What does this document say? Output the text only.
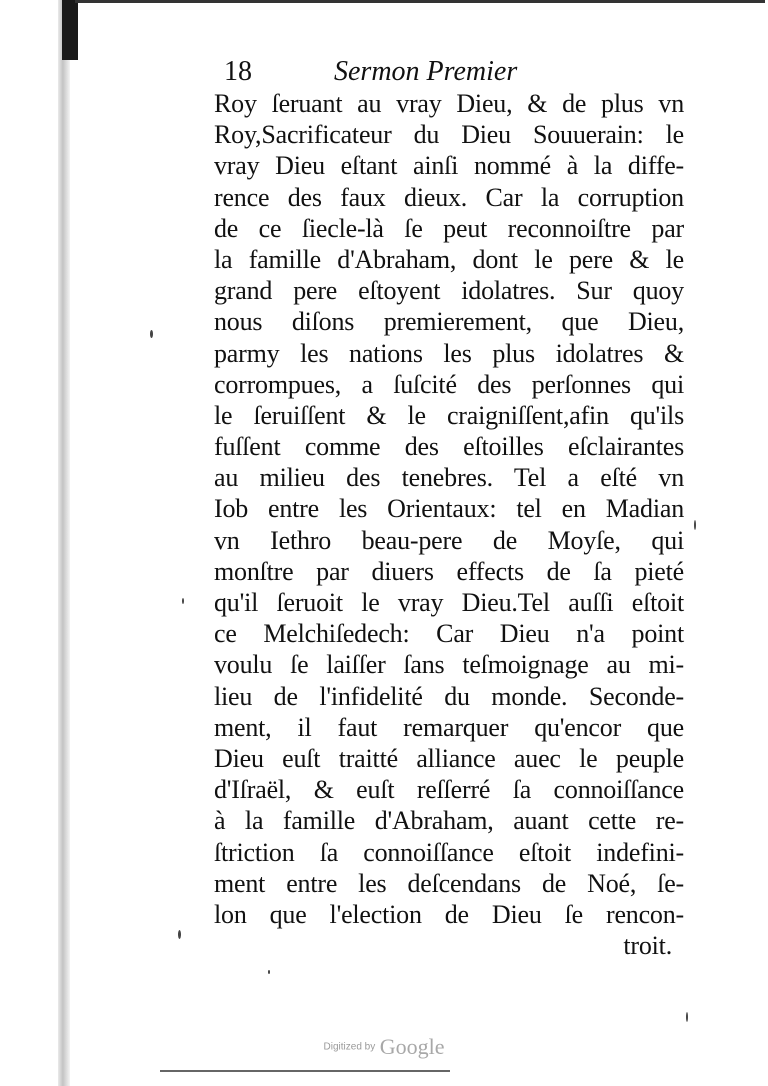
18	Sermon Premier
Roy ſeruant au vray Dieu, & de plus vn
Roy,Sacrificateur du Dieu Souuerain: le
vray Dieu eſtant ainſi nommé à la diffe-
rence des faux dieux. Car la corruption
de ce ſiecle-là ſe peut reconnoiſtre par
la famille d'Abraham, dont le pere & le
grand pere eſtoyent idolatres. Sur quoy
nous diſons premierement, que Dieu,
parmy les nations les plus idolatres &
corrompues, a ſuſcité des perſonnes qui
le ſeruiſſent & le craigniſſent,afin qu'ils
fuſſent comme des eſtoilles eſclairantes
au milieu des tenebres. Tel a eſté vn
Iob entre les Orientaux: tel en Madian
vn Iethro beau-pere de Moyſe, qui
monſtre par diuers effects de ſa pieté
qu'il ſeruoit le vray Dieu.Tel auſſi eſtoit
ce Melchiſedech: Car Dieu n'a point
voulu ſe laiſſer ſans teſmoignage au mi-
lieu de l'infidelité du monde. Seconde-
ment, il faut remarquer qu'encor que
Dieu euſt traitté alliance auec le peuple
d'Iſraël, & euſt reſſerré ſa connoiſſance
à la famille d'Abraham, auant cette re-
ſtriction ſa connoiſſance eſtoit indefini-
ment entre les deſcendans de Noé, ſe-
lon que l'election de Dieu ſe rencon-
troit.
Digitized by Google
